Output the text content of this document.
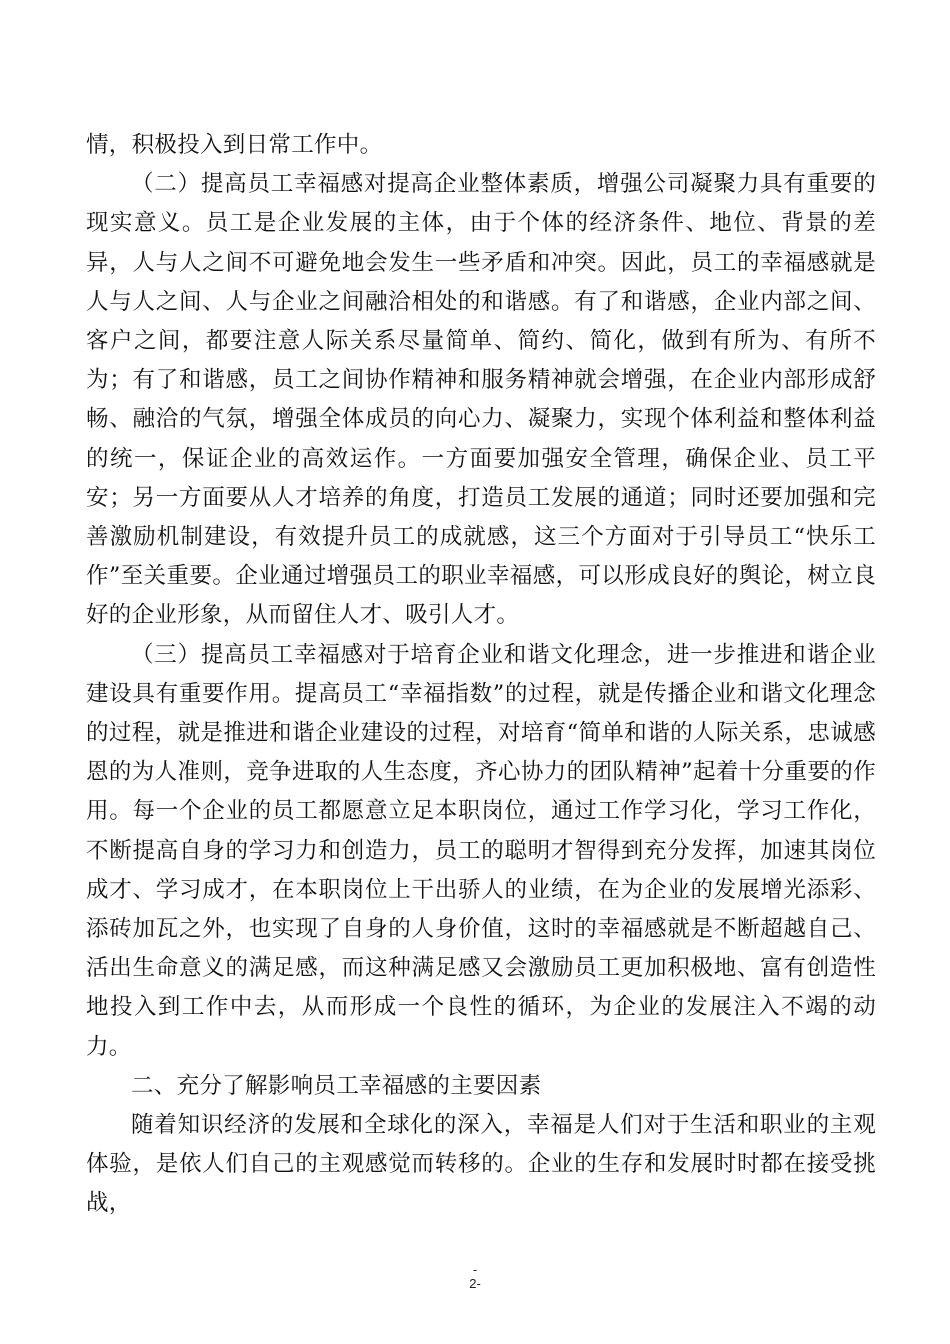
情，积极投入到日常工作中。

（二）提高员工幸福感对提高企业整体素质，增强公司凝聚力具有重要的现实意义。员工是企业发展的主体，由于个体的经济条件、地位、背景的差异，人与人之间不可避免地会发生一些矛盾和冲突。因此，员工的幸福感就是人与人之间、人与企业之间融洽相处的和谐感。有了和谐感，企业内部之间、客户之间，都要注意人际关系尽量简单、简约、简化，做到有所为、有所不为；有了和谐感，员工之间协作精神和服务精神就会增强，在企业内部形成舒畅、融洽的气氛，增强全体成员的向心力、凝聚力，实现个体利益和整体利益的统一，保证企业的高效运作。一方面要加强安全管理，确保企业、员工平安；另一方面要从人才培养的角度，打造员工发展的通道；同时还要加强和完善激励机制建设，有效提升员工的成就感，这三个方面对于引导员工“快乐工作”至关重要。企业通过增强员工的职业幸福感，可以形成良好的舆论，树立良好的企业形象，从而留住人才、吸引人才。

（三）提高员工幸福感对于培育企业和谐文化理念，进一步推进和谐企业建设具有重要作用。提高员工“幸福指数”的过程，就是传播企业和谐文化理念的过程，就是推进和谐企业建设的过程，对培育“简单和谐的人际关系，忠诚感恩的为人准则，竞争进取的人生态度，齐心协力的团队精神”起着十分重要的作用。每一个企业的员工都愿意立足本职岗位，通过工作学习化，学习工作化，不断提高自身的学习力和创造力，员工的聪明才智得到充分发挥，加速其岗位成才、学习成才，在本职岗位上干出骄人的业绩，在为企业的发展增光添彩、添砖加瓦之外，也实现了自身的人身价值，这时的幸福感就是不断超越自己、活出生命意义的满足感，而这种满足感又会激励员工更加积极地、富有创造性地投入到工作中去，从而形成一个良性的循环，为企业的发展注入不竭的动力。

二、充分了解影响员工幸福感的主要因素

随着知识经济的发展和全球化的深入，幸福是人们对于生活和职业的主观体验，是依人们自己的主观感觉而转移的。企业的生存和发展时时都在接受挑战，

-
2-
